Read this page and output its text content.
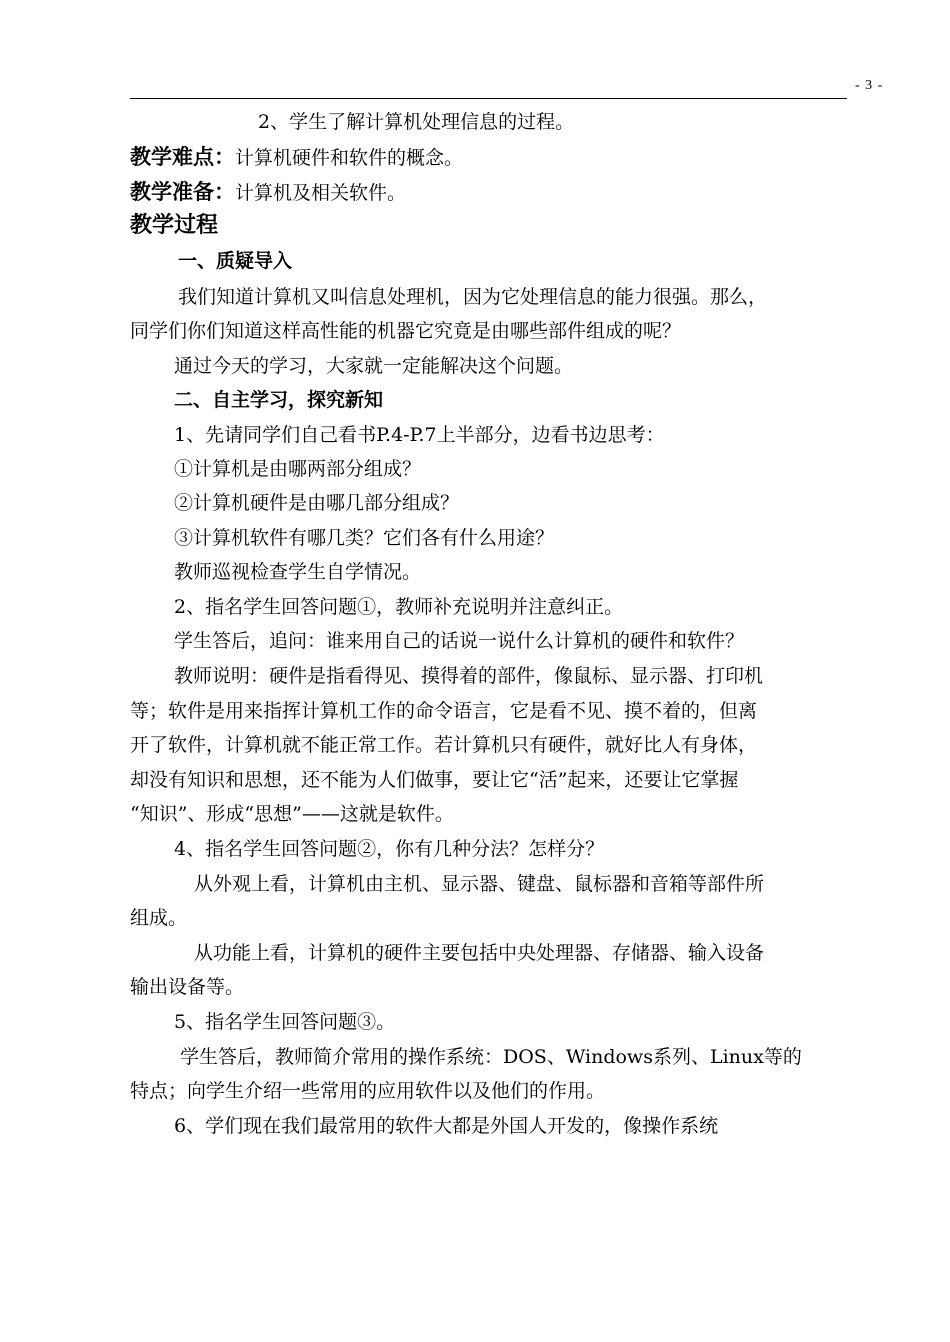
- 3 -
2、学生了解计算机处理信息的过程。
教学难点：计算机硬件和软件的概念。
教学准备：计算机及相关软件。
教学过程
一、质疑导入
我们知道计算机又叫信息处理机，因为它处理信息的能力很强。那么，
同学们你们知道这样高性能的机器它究竟是由哪些部件组成的呢？
通过今天的学习，大家就一定能解决这个问题。
二、自主学习，探究新知
1、先请同学们自己看书P.4-P.7上半部分，边看书边思考：
①计算机是由哪两部分组成？
②计算机硬件是由哪几部分组成？
③计算机软件有哪几类？它们各有什么用途？
教师巡视检查学生自学情况。
2、指名学生回答问题①，教师补充说明并注意纠正。
学生答后，追问：谁来用自己的话说一说什么计算机的硬件和软件？
教师说明：硬件是指看得见、摸得着的部件，像鼠标、显示器、打印机
等；软件是用来指挥计算机工作的命令语言，它是看不见、摸不着的，但离
开了软件，计算机就不能正常工作。若计算机只有硬件，就好比人有身体，
却没有知识和思想，还不能为人们做事，要让它“活”起来，还要让它掌握
“知识”、形成“思想”——这就是软件。
4、指名学生回答问题②，你有几种分法？怎样分？
从外观上看，计算机由主机、显示器、键盘、鼠标器和音箱等部件所
组成。
从功能上看，计算机的硬件主要包括中央处理器、存储器、输入设备
输出设备等。
5、指名学生回答问题③。
学生答后，教师简介常用的操作系统：DOS、Windows系列、Linux等的
特点；向学生介绍一些常用的应用软件以及他们的作用。
6、学们现在我们最常用的软件大都是外国人开发的，像操作系统
